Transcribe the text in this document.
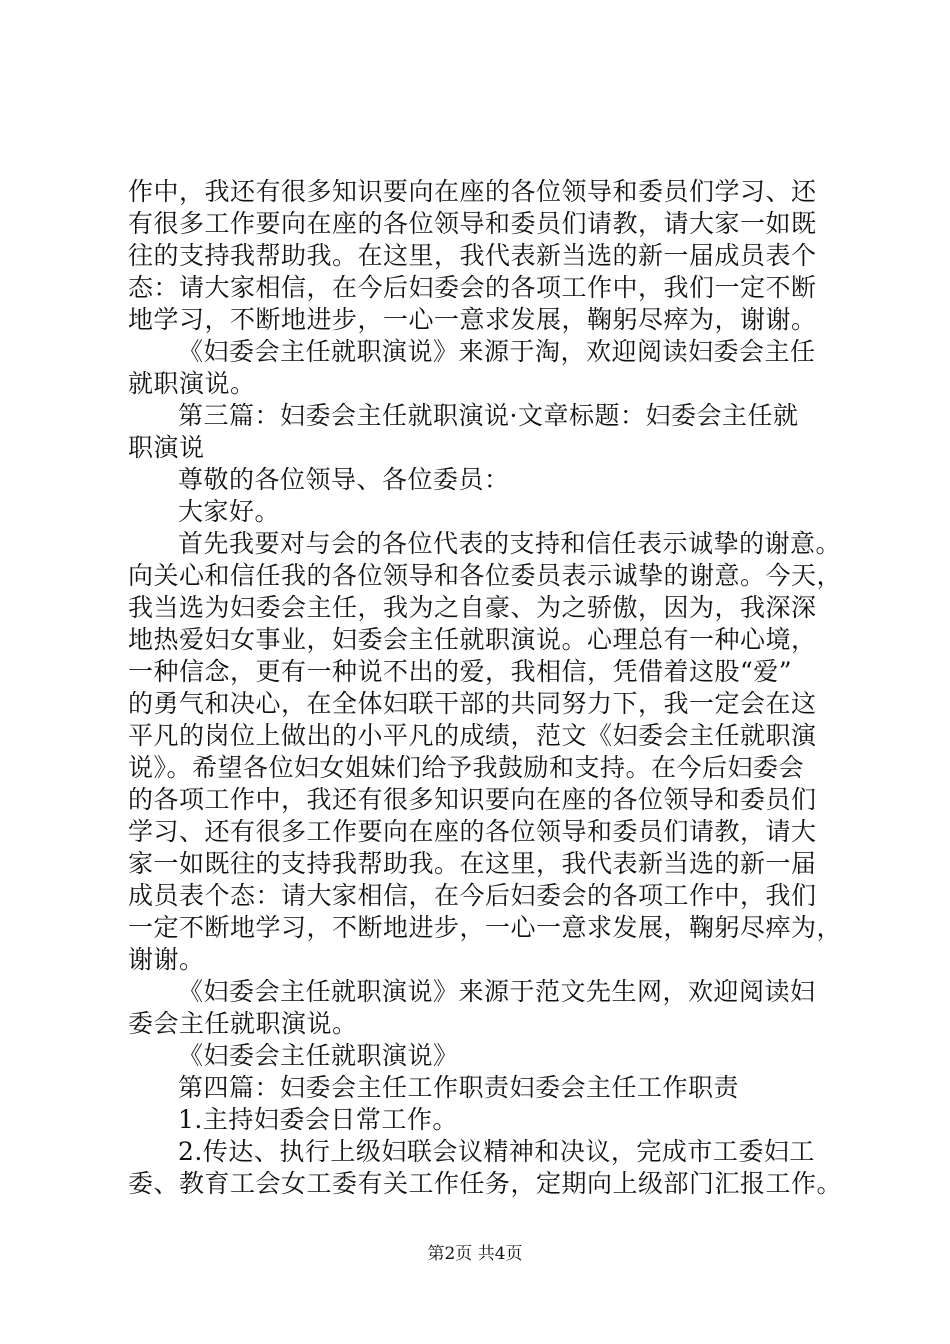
作中，我还有很多知识要向在座的各位领导和委员们学习、还
有很多工作要向在座的各位领导和委员们请教，请大家一如既
往的支持我帮助我。在这里，我代表新当选的新一届成员表个
态：请大家相信，在今后妇委会的各项工作中，我们一定不断
地学习，不断地进步，一心一意求发展，鞠躬尽瘁为，谢谢。
《妇委会主任就职演说》来源于淘，欢迎阅读妇委会主任
就职演说。
第三篇：妇委会主任就职演说·文章标题：妇委会主任就
职演说
尊敬的各位领导、各位委员：
大家好。
首先我要对与会的各位代表的支持和信任表示诚挚的谢意。
向关心和信任我的各位领导和各位委员表示诚挚的谢意。今天，
我当选为妇委会主任，我为之自豪、为之骄傲，因为，我深深
地热爱妇女事业，妇委会主任就职演说。心理总有一种心境，
一种信念，更有一种说不出的爱，我相信，凭借着这股“爱”
的勇气和决心，在全体妇联干部的共同努力下，我一定会在这
平凡的岗位上做出的小平凡的成绩，范文《妇委会主任就职演
说》。希望各位妇女姐妹们给予我鼓励和支持。在今后妇委会
的各项工作中，我还有很多知识要向在座的各位领导和委员们
学习、还有很多工作要向在座的各位领导和委员们请教，请大
家一如既往的支持我帮助我。在这里，我代表新当选的新一届
成员表个态：请大家相信，在今后妇委会的各项工作中，我们
一定不断地学习，不断地进步，一心一意求发展，鞠躬尽瘁为，
谢谢。
《妇委会主任就职演说》来源于范文先生网，欢迎阅读妇
委会主任就职演说。
《妇委会主任就职演说》
第四篇：妇委会主任工作职责妇委会主任工作职责
1.主持妇委会日常工作。
2.传达、执行上级妇联会议精神和决议，完成市工委妇工
委、教育工会女工委有关工作任务，定期向上级部门汇报工作。
第2页 共4页
